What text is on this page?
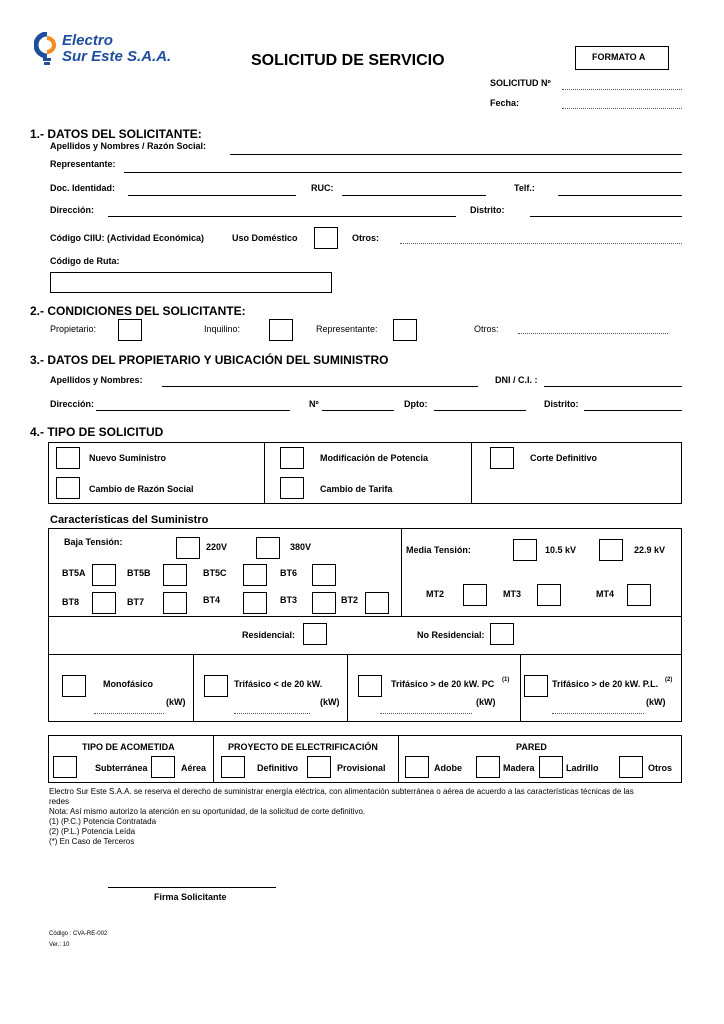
Electro
Sur Este S.A.A.	SOLICITUD DE SERVICIO	FORMATO A
SOLICITUD Nº
Fecha:
1.- DATOS DEL SOLICITANTE:
Apellidos y Nombres / Razón Social:
Representante:
Doc. Identidad:	RUC:	Telf.:
Dirección:	Distrito:
Código CIIU: (Actividad Económica)	Uso Doméstico	Otros:
Código de Ruta:
2.- CONDICIONES DEL SOLICITANTE:
Propietario:	Inquilino:	Representante:	Otros:
3.- DATOS DEL PROPIETARIO Y UBICACIÓN DEL SUMINISTRO
Apellidos y Nombres:	DNI / C.I. :
Dirección:	Nº	Dpto:	Distrito:
4.- TIPO DE SOLICITUD
Nuevo Suministro	Modificación de Potencia	Corte Definitivo
Cambio de Razón Social	Cambio de Tarifa
Características del Suministro
Baja Tensión:	220V	380V	Media Tensión:	10.5 kV	22.9 kV
BT5A	BT5B	BT5C	BT6
BT8	BT7	BT4	BT3	BT2
MT2	MT3	MT4
Residencial:	No Residencial:
Monofásico
(kW)
Trifásico < de 20 kW.
(kW)
Trifásico > de 20 kW. PC (1)
(kW)
Trifásico > de 20 kW. P.L. (2)
(kW)
TIPO DE ACOMETIDA	PROYECTO DE ELECTRIFICACIÓN	PARED
Subterránea	Aérea	Definitivo	Provisional	Adobe	Madera	Ladrillo	Otros
Electro Sur Este S.A.A. se reserva el derecho de suministrar energía eléctrica, con alimentación subterránea o aérea de acuerdo a las características técnicas de las
redes
Nota: Así mismo autorizo la atención en su oportunidad, de la solicitud de corte definitivo.
(1) (P.C.) Potencia Contratada
(2) (P.L.) Potencia Leída
(*) En Caso de Terceros
Firma Solicitante
Código : CVA-RE-002
Ver.: 10
